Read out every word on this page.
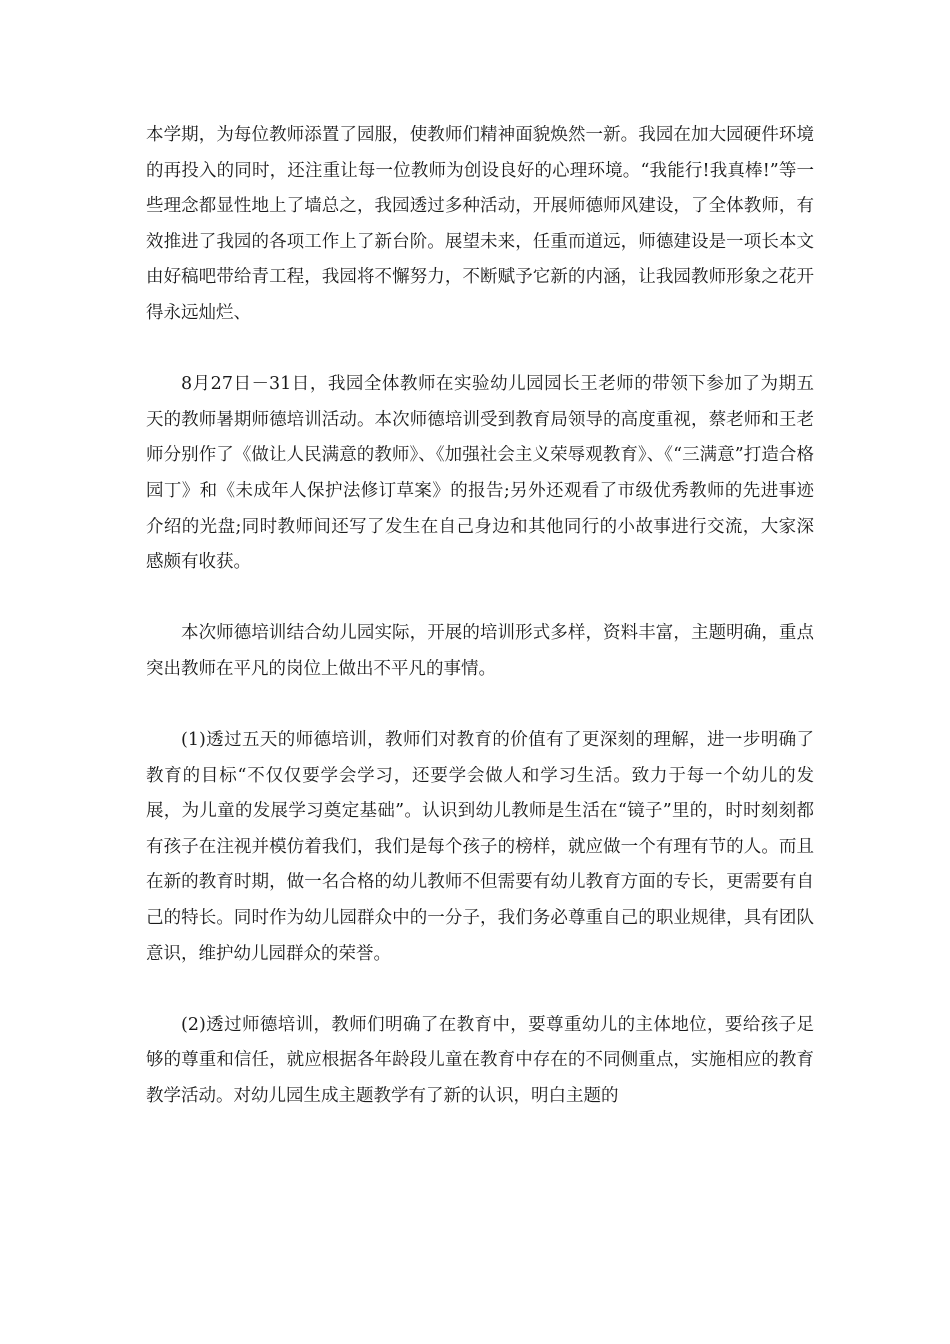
本学期，为每位教师添置了园服，使教师们精神面貌焕然一新。我园在加大园硬件环境的再投入的同时，还注重让每一位教师为创设良好的心理环境。“我能行!我真棒!”等一些理念都显性地上了墙总之，我园透过多种活动，开展师德师风建设，了全体教师，有效推进了我园的各项工作上了新台阶。展望未来，任重而道远，师德建设是一项长本文由好稿吧带给青工程，我园将不懈努力，不断赋予它新的内涵，让我园教师形象之花开得永远灿烂、

8月27日－31日，我园全体教师在实验幼儿园园长王老师的带领下参加了为期五天的教师暑期师德培训活动。本次师德培训受到教育局领导的高度重视，蔡老师和王老师分别作了《做让人民满意的教师》、《加强社会主义荣辱观教育》、《“三满意”打造合格园丁》和《未成年人保护法修订草案》的报告;另外还观看了市级优秀教师的先进事迹介绍的光盘;同时教师间还写了发生在自己身边和其他同行的小故事进行交流，大家深感颇有收获。

本次师德培训结合幼儿园实际，开展的培训形式多样，资料丰富，主题明确，重点突出教师在平凡的岗位上做出不平凡的事情。

(1)透过五天的师德培训，教师们对教育的价值有了更深刻的理解，进一步明确了教育的目标“不仅仅要学会学习，还要学会做人和学习生活。致力于每一个幼儿的发展，为儿童的发展学习奠定基础”。认识到幼儿教师是生活在“镜子”里的，时时刻刻都有孩子在注视并模仿着我们，我们是每个孩子的榜样，就应做一个有理有节的人。而且在新的教育时期，做一名合格的幼儿教师不但需要有幼儿教育方面的专长，更需要有自己的特长。同时作为幼儿园群众中的一分子，我们务必尊重自己的职业规律，具有团队意识，维护幼儿园群众的荣誉。

(2)透过师德培训，教师们明确了在教育中，要尊重幼儿的主体地位，要给孩子足够的尊重和信任，就应根据各年龄段儿童在教育中存在的不同侧重点，实施相应的教育教学活动。对幼儿园生成主题教学有了新的认识，明白主题的
